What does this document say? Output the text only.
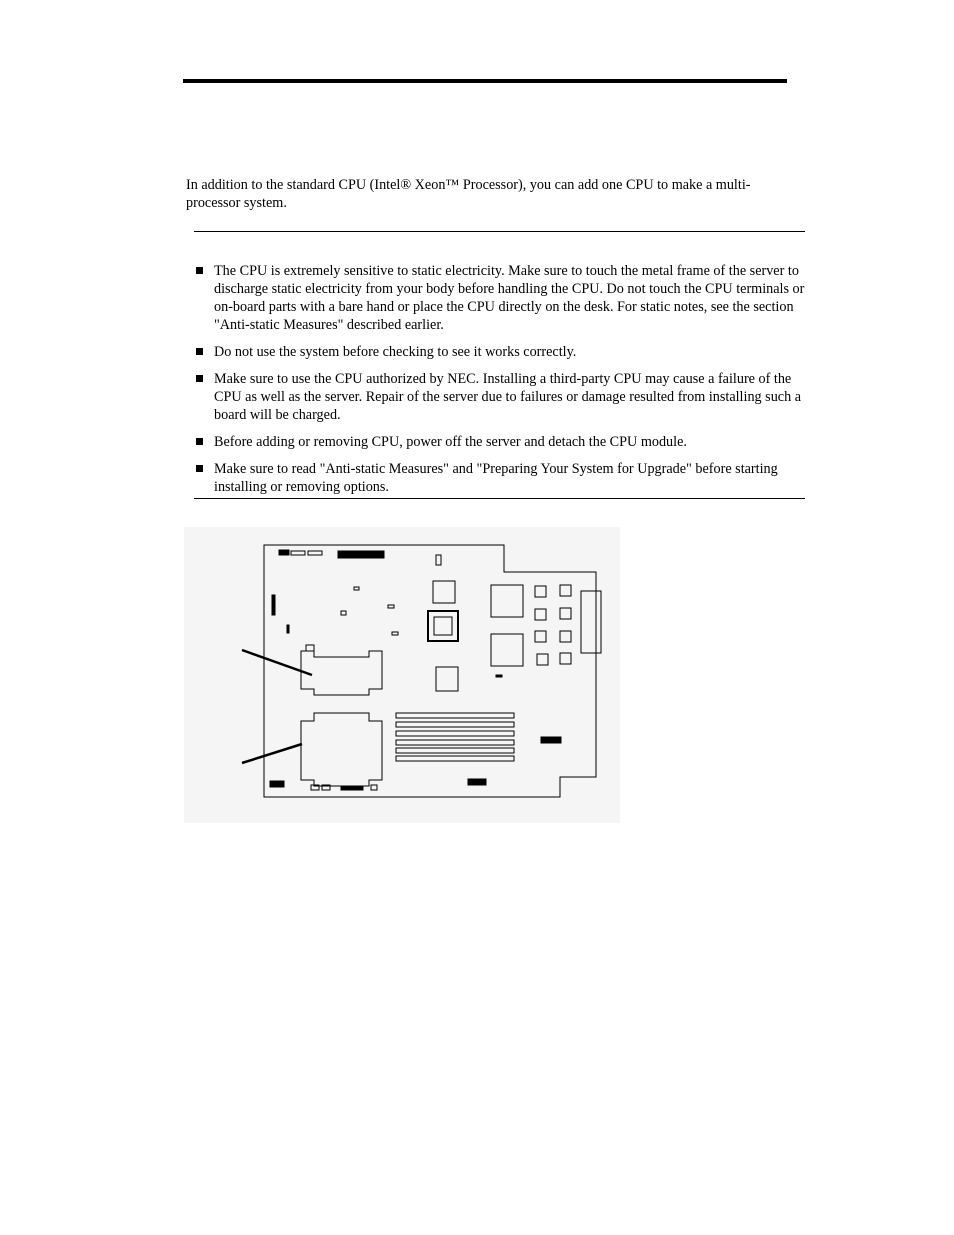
In addition to the standard CPU (Intel® Xeon™ Processor), you can add one CPU to make a multi-processor system.

The CPU is extremely sensitive to static electricity. Make sure to touch the metal frame of the server to discharge static electricity from your body before handling the CPU. Do not touch the CPU terminals or on-board parts with a bare hand or place the CPU directly on the desk. For static notes, see the section "Anti-static Measures" described earlier.
Do not use the system before checking to see it works correctly.
Make sure to use the CPU authorized by NEC. Installing a third-party CPU may cause a failure of the CPU as well as the server. Repair of the server due to failures or damage resulted from installing such a board will be charged.
Before adding or removing CPU, power off the server and detach the CPU module.
Make sure to read "Anti-static Measures" and "Preparing Your System for Upgrade" before starting installing or removing options.
